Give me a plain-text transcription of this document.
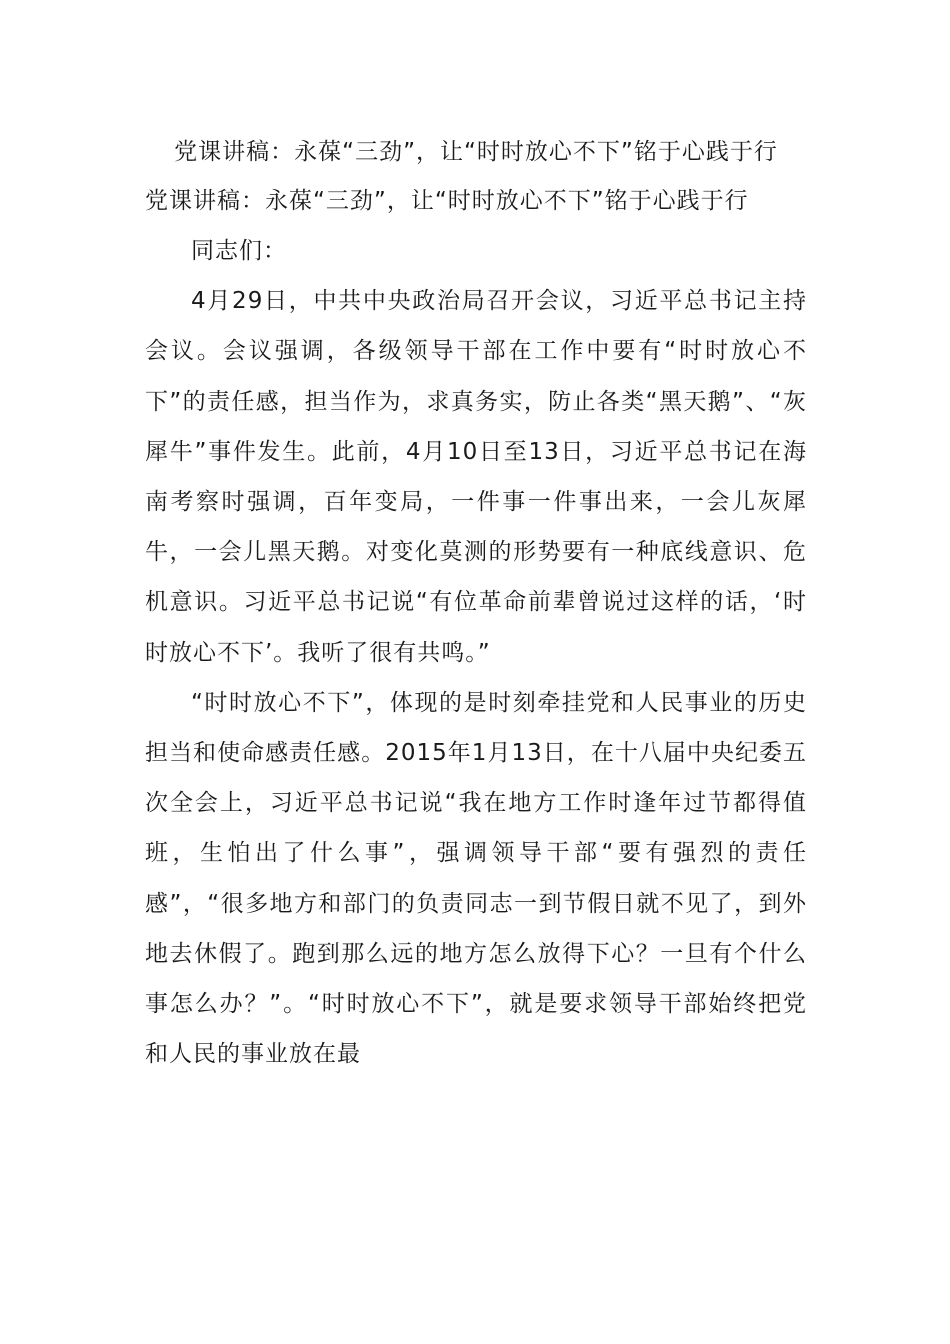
党课讲稿：永葆“三劲”，让“时时放心不下”铭于心践于行

党课讲稿：永葆“三劲”，让“时时放心不下”铭于心践于行

同志们：

4月29日，中共中央政治局召开会议，习近平总书记主持会议。会议强调，各级领导干部在工作中要有“时时放心不下”的责任感，担当作为，求真务实，防止各类“黑天鹅”、“灰犀牛”事件发生。此前，4月10日至13日，习近平总书记在海南考察时强调，百年变局，一件事一件事出来，一会儿灰犀牛，一会儿黑天鹅。对变化莫测的形势要有一种底线意识、危机意识。习近平总书记说“有位革命前辈曾说过这样的话，‘时时放心不下’。我听了很有共鸣。”

“时时放心不下”，体现的是时刻牵挂党和人民事业的历史担当和使命感责任感。2015年1月13日，在十八届中央纪委五次全会上，习近平总书记说“我在地方工作时逢年过节都得值班，生怕出了什么事”，强调领导干部“要有强烈的责任感”，“很多地方和部门的负责同志一到节假日就不见了，到外地去休假了。跑到那么远的地方怎么放得下心？一旦有个什么事怎么办？”。“时时放心不下”，就是要求领导干部始终把党和人民的事业放在最
